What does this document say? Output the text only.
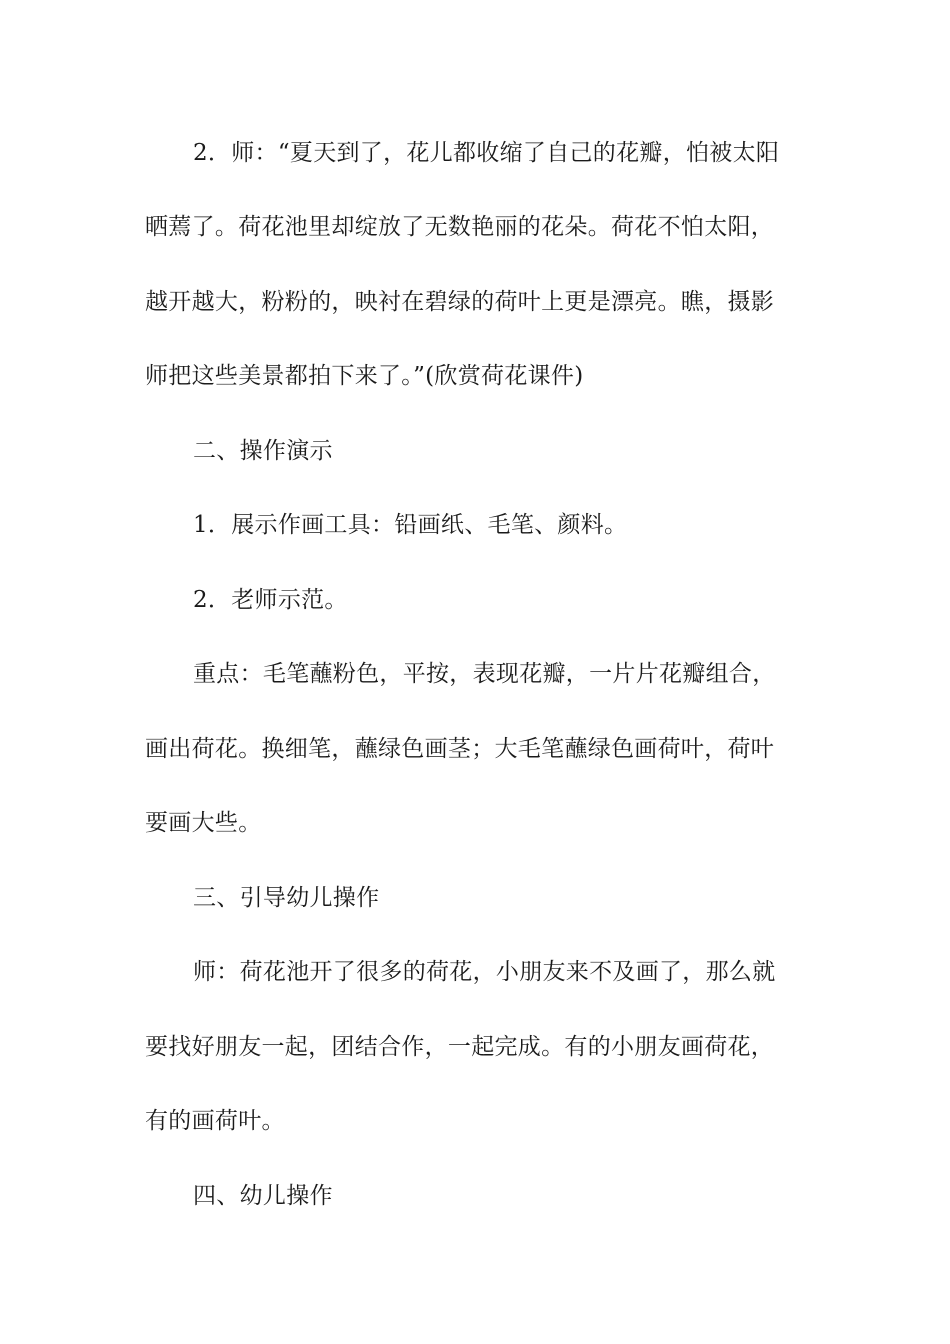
2．师：“夏天到了，花儿都收缩了自己的花瓣，怕被太阳
晒蔫了。荷花池里却绽放了无数艳丽的花朵。荷花不怕太阳，
越开越大，粉粉的，映衬在碧绿的荷叶上更是漂亮。瞧，摄影
师把这些美景都拍下来了。”(欣赏荷花课件)
二、操作演示
1．展示作画工具：铅画纸、毛笔、颜料。
2．老师示范。
重点：毛笔蘸粉色，平按，表现花瓣，一片片花瓣组合，
画出荷花。换细笔，蘸绿色画茎；大毛笔蘸绿色画荷叶，荷叶
要画大些。
三、引导幼儿操作
师：荷花池开了很多的荷花，小朋友来不及画了，那么就
要找好朋友一起，团结合作，一起完成。有的小朋友画荷花，
有的画荷叶。
四、幼儿操作
